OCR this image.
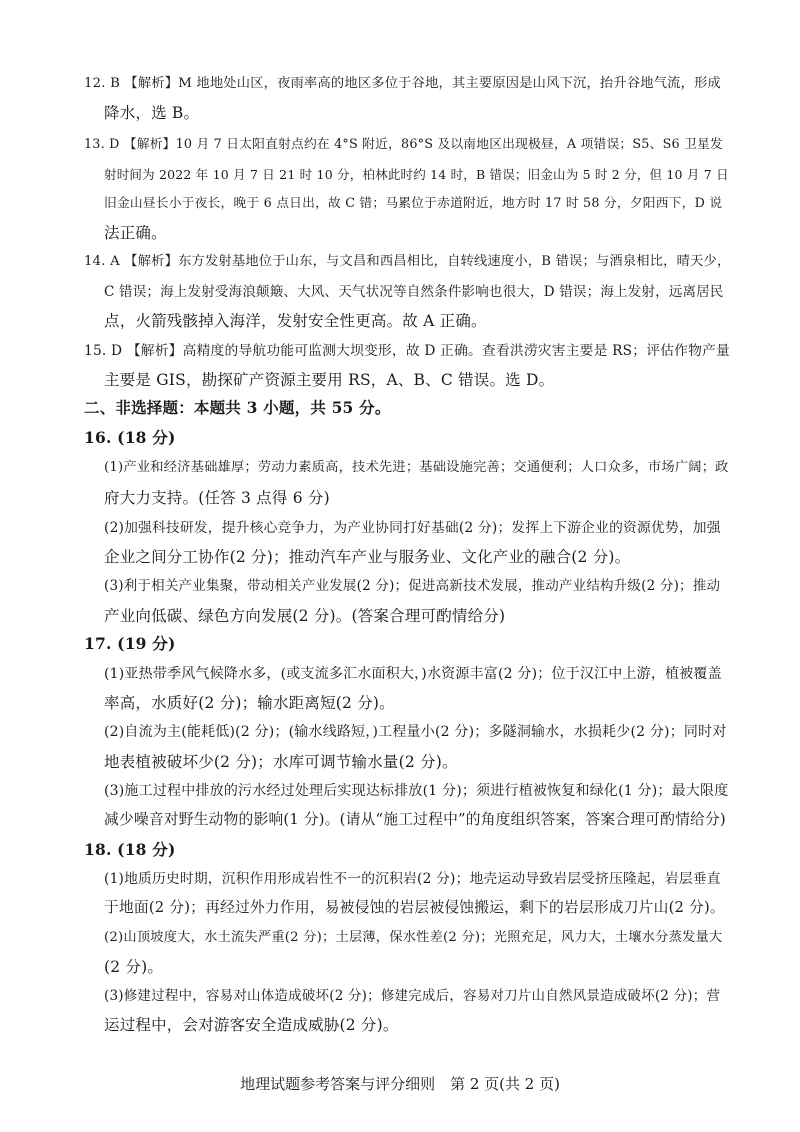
12. B 【解析】M 地地处山区，夜雨率高的地区多位于谷地，其主要原因是山风下沉，抬升谷地气流，形成
降水，选 B。
13. D 【解析】10 月 7 日太阳直射点约在 4°S 附近，86°S 及以南地区出现极昼，A 项错误；S5、S6 卫星发
射时间为 2022 年 10 月 7 日 21 时 10 分，柏林此时约 14 时，B 错误；旧金山为 5 时 2 分，但 10 月 7 日
旧金山昼长小于夜长，晚于 6 点日出，故 C 错；马累位于赤道附近，地方时 17 时 58 分，夕阳西下，D 说
法正确。
14. A 【解析】东方发射基地位于山东，与文昌和西昌相比，自转线速度小，B 错误；与酒泉相比，晴天少，
C 错误；海上发射受海浪颠簸、大风、天气状况等自然条件影响也很大，D 错误；海上发射，远离居民
点，火箭残骸掉入海洋，发射安全性更高。故 A 正确。
15. D 【解析】高精度的导航功能可监测大坝变形，故 D 正确。查看洪涝灾害主要是 RS；评估作物产量
主要是 GIS，勘探矿产资源主要用 RS，A、B、C 错误。选 D。
二、非选择题：本题共 3 小题，共 55 分。
16. (18 分)
(1)产业和经济基础雄厚；劳动力素质高，技术先进；基础设施完善；交通便利；人口众多，市场广阔；政
府大力支持。(任答 3 点得 6 分)
(2)加强科技研发，提升核心竞争力，为产业协同打好基础(2 分)；发挥上下游企业的资源优势，加强
企业之间分工协作(2 分)；推动汽车产业与服务业、文化产业的融合(2 分)。
(3)利于相关产业集聚，带动相关产业发展(2 分)；促进高新技术发展，推动产业结构升级(2 分)；推动
产业向低碳、绿色方向发展(2 分)。(答案合理可酌情给分)
17. (19 分)
(1)亚热带季风气候降水多，(或支流多汇水面积大，)水资源丰富(2 分)；位于汉江中上游，植被覆盖
率高，水质好(2 分)；输水距离短(2 分)。
(2)自流为主(能耗低)(2 分)；(输水线路短，)工程量小(2 分)；多隧洞输水，水损耗少(2 分)；同时对
地表植被破坏少(2 分)；水库可调节输水量(2 分)。
(3)施工过程中排放的污水经过处理后实现达标排放(1 分)；须进行植被恢复和绿化(1 分)；最大限度
减少噪音对野生动物的影响(1 分)。(请从“施工过程中”的角度组织答案，答案合理可酌情给分)
18. (18 分)
(1)地质历史时期，沉积作用形成岩性不一的沉积岩(2 分)；地壳运动导致岩层受挤压隆起，岩层垂直
于地面(2 分)；再经过外力作用，易被侵蚀的岩层被侵蚀搬运，剩下的岩层形成刀片山(2 分)。
(2)山顶坡度大，水土流失严重(2 分)；土层薄，保水性差(2 分)；光照充足，风力大，土壤水分蒸发量大
(2 分)。
(3)修建过程中，容易对山体造成破坏(2 分)；修建完成后，容易对刀片山自然风景造成破坏(2 分)；营
运过程中，会对游客安全造成威胁(2 分)。
地理试题参考答案与评分细则　第 2 页(共 2 页)
